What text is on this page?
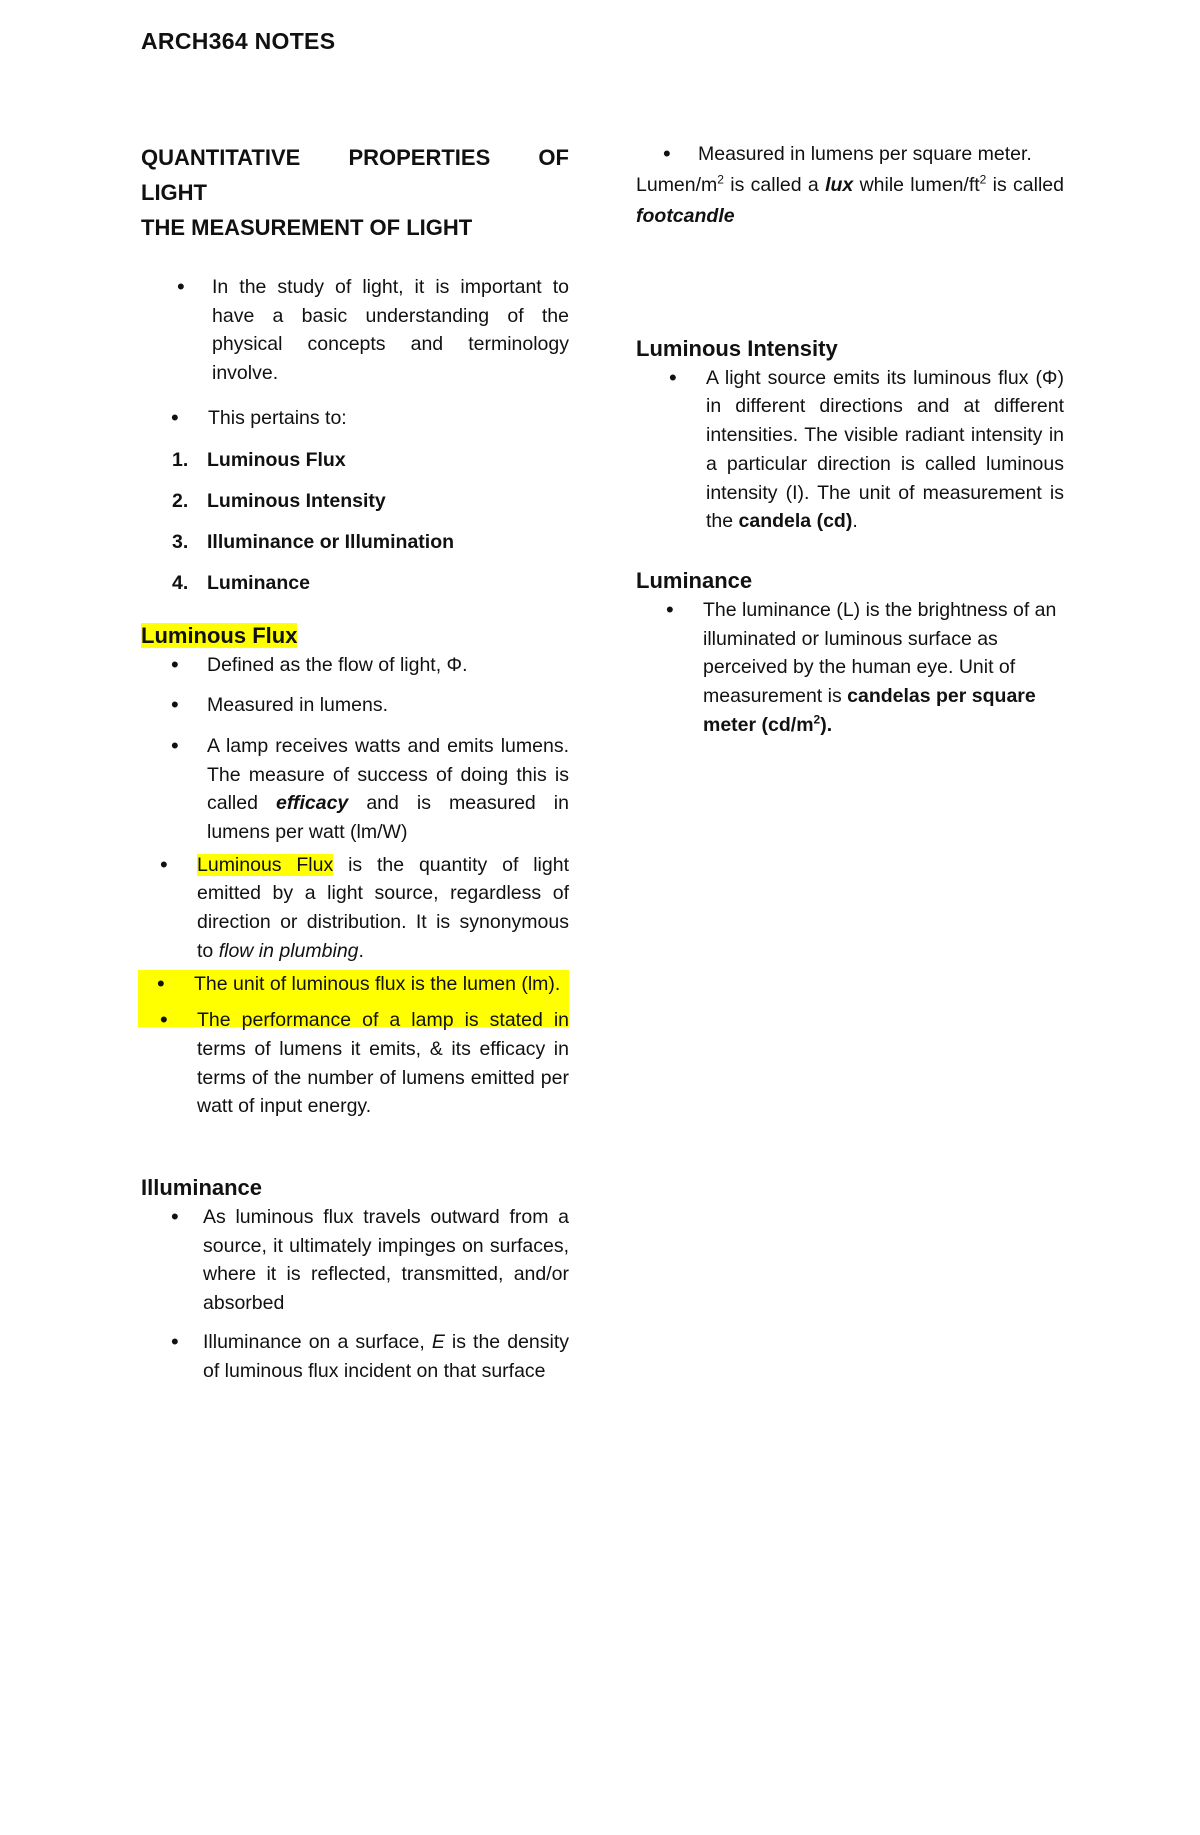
ARCH364 NOTES
QUANTITATIVE PROPERTIES OF
LIGHT
THE MEASUREMENT OF LIGHT
• In the study of light, it is important to have a basic understanding of the physical concepts and terminology involve.
• This pertains to:
1. Luminous Flux
2. Luminous Intensity
3. Illuminance or Illumination
4. Luminance
Luminous Flux
• Defined as the flow of light, Φ.
• Measured in lumens.
• A lamp receives watts and emits lumens. The measure of success of doing this is called efficacy and is measured in lumens per watt (lm/W)
• Luminous Flux is the quantity of light emitted by a light source, regardless of direction or distribution. It is synonymous to flow in plumbing.
• The unit of luminous flux is the lumen (lm).
• The performance of a lamp is stated in terms of lumens it emits, & its efficacy in terms of the number of lumens emitted per watt of input energy.
Illuminance
• As luminous flux travels outward from a source, it ultimately impinges on surfaces, where it is reflected, transmitted, and/or absorbed
• Illuminance on a surface, E is the density of luminous flux incident on that surface
• Measured in lumens per square meter.
Lumen/$m^2$ is called a lux while lumen/$ft^2$ is called footcandle
Luminous Intensity
• A light source emits its luminous flux (Φ) in different directions and at different intensities. The visible radiant intensity in a particular direction is called luminous intensity (I). The unit of measurement is the candela (cd).
Luminance
• The luminance (L) is the brightness of an illuminated or luminous surface as perceived by the human eye. Unit of measurement is candelas per square meter $(cd/m^2)$.
